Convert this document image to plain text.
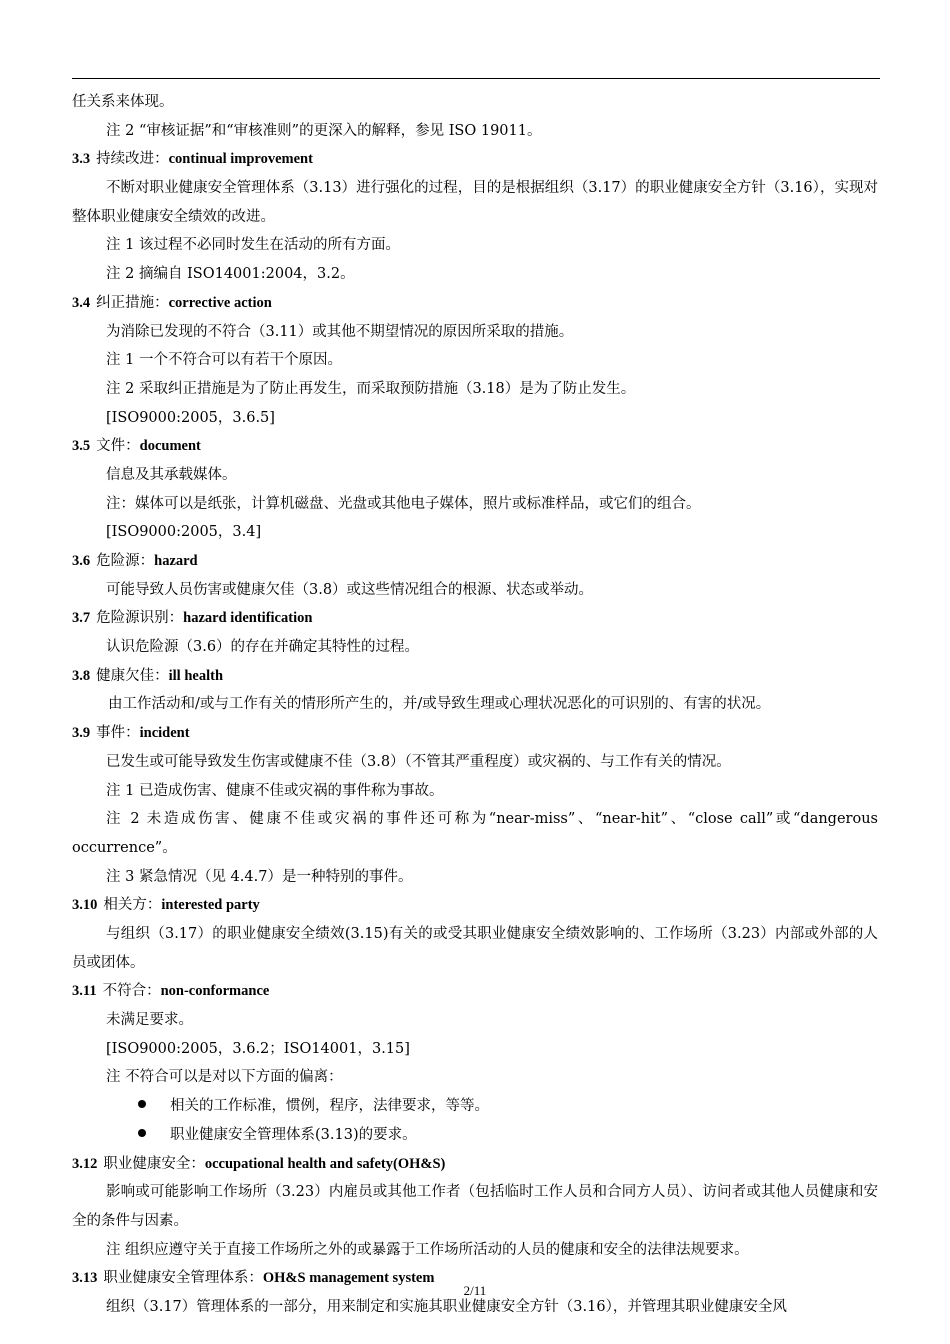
任关系来体现。
注 2 “审核证据”和“审核准则”的更深入的解释，参见 ISO 19011。
3.3 持续改进：continual improvement
不断对职业健康安全管理体系（3.13）进行强化的过程，目的是根据组织（3.17）的职业健康安全方针（3.16），实现对整体职业健康安全绩效的改进。
注 1 该过程不必同时发生在活动的所有方面。
注 2 摘编自 ISO14001:2004，3.2。
3.4 纠正措施：corrective action
为消除已发现的不符合（3.11）或其他不期望情况的原因所采取的措施。
注 1 一个不符合可以有若干个原因。
注 2 采取纠正措施是为了防止再发生，而采取预防措施（3.18）是为了防止发生。
[ISO9000:2005，3.6.5]
3.5 文件：document
信息及其承载媒体。
注：媒体可以是纸张，计算机磁盘、光盘或其他电子媒体，照片或标准样品，或它们的组合。
[ISO9000:2005，3.4]
3.6 危险源：hazard
可能导致人员伤害或健康欠佳（3.8）或这些情况组合的根源、状态或举动。
3.7 危险源识别：hazard identification
认识危险源（3.6）的存在并确定其特性的过程。
3.8 健康欠佳：ill health
由工作活动和/或与工作有关的情形所产生的，并/或导致生理或心理状况恶化的可识别的、有害的状况。
3.9 事件：incident
已发生或可能导致发生伤害或健康不佳（3.8）（不管其严重程度）或灾祸的、与工作有关的情况。
注 1 已造成伤害、健康不佳或灾祸的事件称为事故。
注 2 未造成伤害、健康不佳或灾祸的事件还可称为“near-miss”、“near-hit”、“close call”或“dangerous occurrence”。
注 3 紧急情况（见 4.4.7）是一种特别的事件。
3.10 相关方：interested party
与组织（3.17）的职业健康安全绩效(3.15)有关的或受其职业健康安全绩效影响的、工作场所（3.23）内部或外部的人员或团体。
3.11 不符合：non-conformance
未满足要求。
[ISO9000:2005，3.6.2；ISO14001，3.15]
注 不符合可以是对以下方面的偏离：
相关的工作标准，惯例，程序，法律要求，等等。
职业健康安全管理体系(3.13)的要求。
3.12 职业健康安全：occupational health and safety(OH&S)
影响或可能影响工作场所（3.23）内雇员或其他工作者（包括临时工作人员和合同方人员）、访问者或其他人员健康和安全的条件与因素。
注 组织应遵守关于直接工作场所之外的或暴露于工作场所活动的人员的健康和安全的法律法规要求。
3.13 职业健康安全管理体系：OH&S management system
组织（3.17）管理体系的一部分，用来制定和实施其职业健康安全方针（3.16），并管理其职业健康安全风
2/11
